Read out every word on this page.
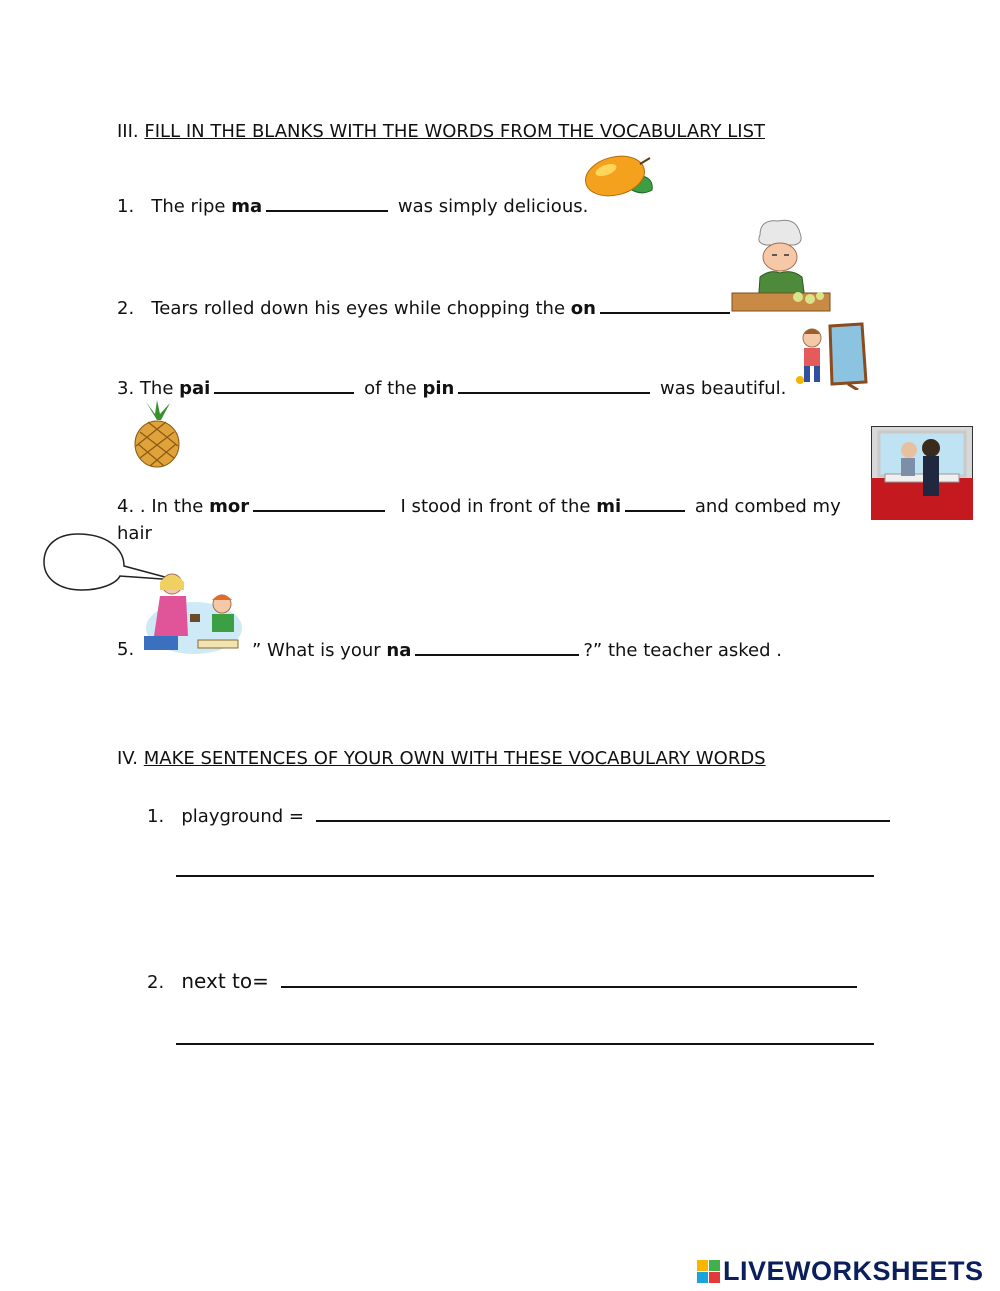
III. FILL IN THE BLANKS WITH THE WORDS FROM THE VOCABULARY LIST
1. The ripe ma	was simply delicious.
2. Tears rolled down his eyes while chopping the on
3. The pai	of the pin	was beautiful.
4. . In the mor	I stood in front of the mi	and combed my
hair
5.	” What is your na	?” the teacher asked .
IV. MAKE SENTENCES OF YOUR OWN WITH THESE VOCABULARY WORDS
1. playground =
2. next to=
LIVEWORKSHEETS
